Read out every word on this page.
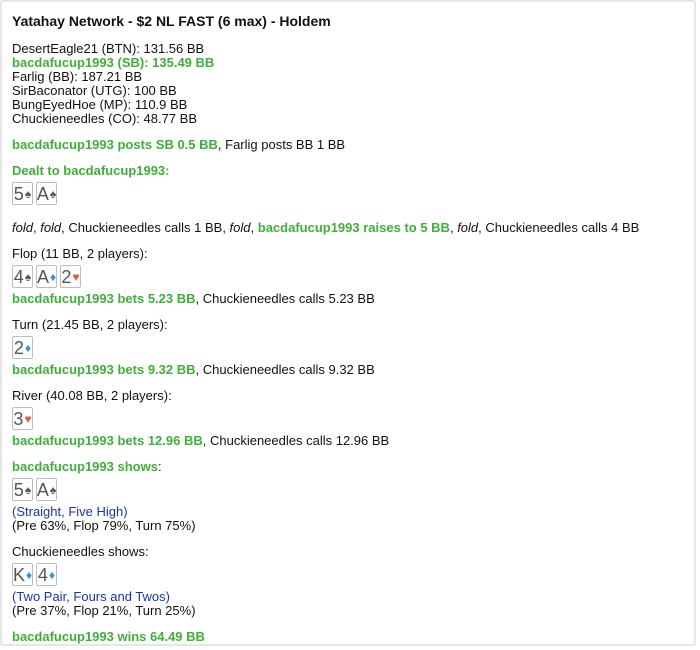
Yatahay Network - $2 NL FAST (6 max) - Holdem
DesertEagle21 (BTN): 131.56 BB
bacdafucup1993 (SB): 135.49 BB
Farlig (BB): 187.21 BB
SirBaconator (UTG): 100 BB
BungEyedHoe (MP): 110.9 BB
Chuckieneedles (CO): 48.77 BB
bacdafucup1993 posts SB 0.5 BB, Farlig posts BB 1 BB
Dealt to bacdafucup1993:
5 ♠ A ♠
fold, fold, Chuckieneedles calls 1 BB, fold, bacdafucup1993 raises to 5 BB, fold, Chuckieneedles calls 4 BB
Flop (11 BB, 2 players):
4 ♠ A ♦ 2 ♥
bacdafucup1993 bets 5.23 BB, Chuckieneedles calls 5.23 BB
Turn (21.45 BB, 2 players):
2 ♦
bacdafucup1993 bets 9.32 BB, Chuckieneedles calls 9.32 BB
River (40.08 BB, 2 players):
3 ♥
bacdafucup1993 bets 12.96 BB, Chuckieneedles calls 12.96 BB
bacdafucup1993 shows:
5 ♠ A ♠
(Straight, Five High)
(Pre 63%, Flop 79%, Turn 75%)
Chuckieneedles shows:
K ♦ 4 ♦
(Two Pair, Fours and Twos)
(Pre 37%, Flop 21%, Turn 25%)
bacdafucup1993 wins 64.49 BB
